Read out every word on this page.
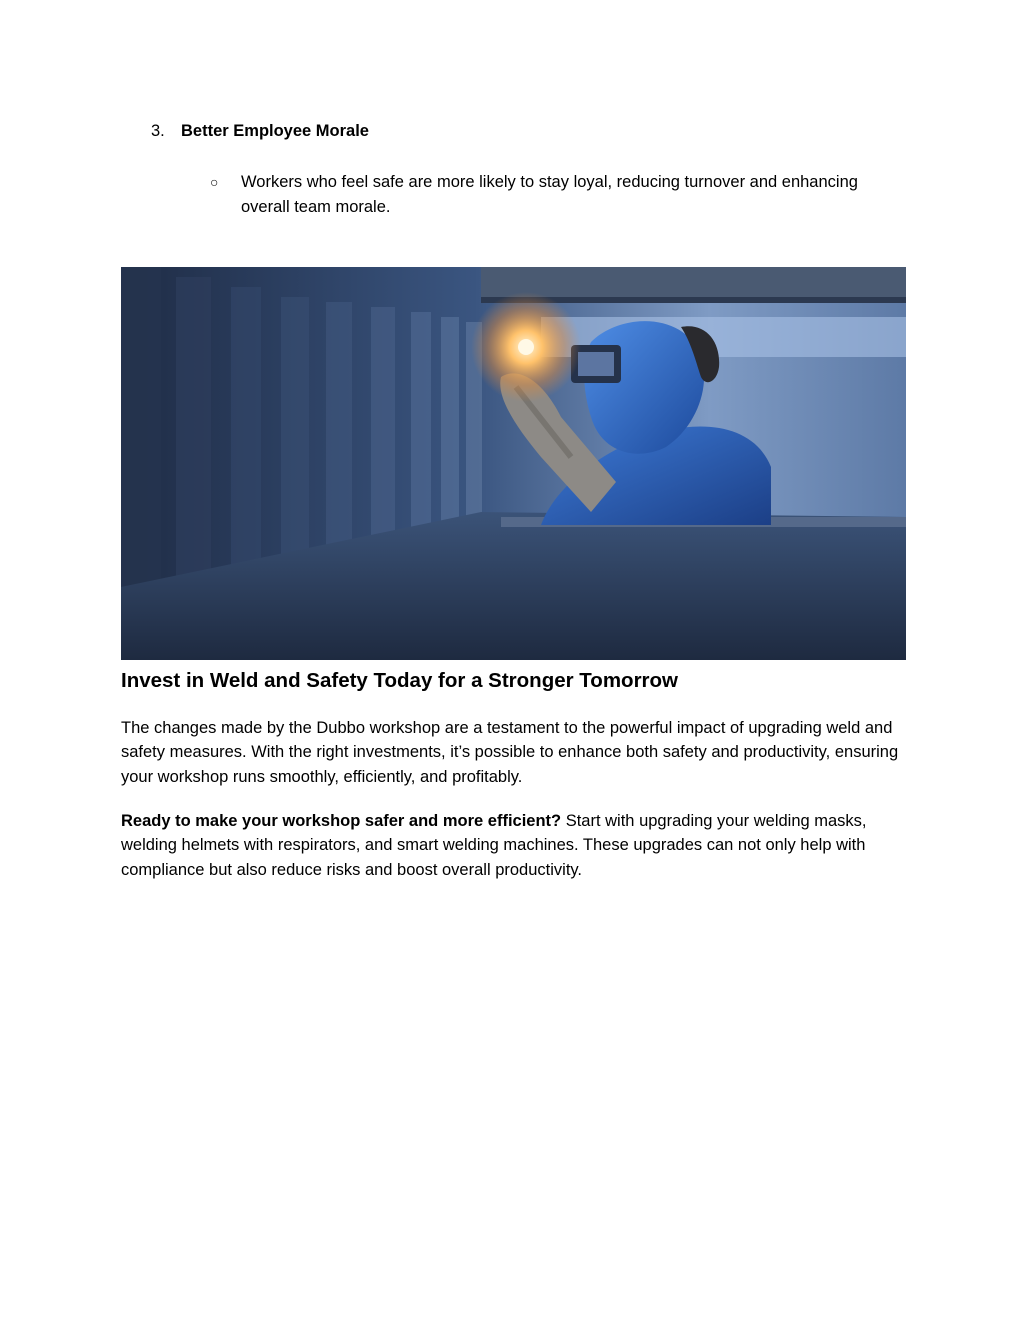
3. Better Employee Morale
○	Workers who feel safe are more likely to stay loyal, reducing turnover and enhancing overall team morale.
Invest in Weld and Safety Today for a Stronger Tomorrow

The changes made by the Dubbo workshop are a testament to the powerful impact of upgrading weld and safety measures. With the right investments, it’s possible to enhance both safety and productivity, ensuring your workshop runs smoothly, efficiently, and profitably.

Ready to make your workshop safer and more efficient? Start with upgrading your welding masks, welding helmets with respirators, and smart welding machines. These upgrades can not only help with compliance but also reduce risks and boost overall productivity.
